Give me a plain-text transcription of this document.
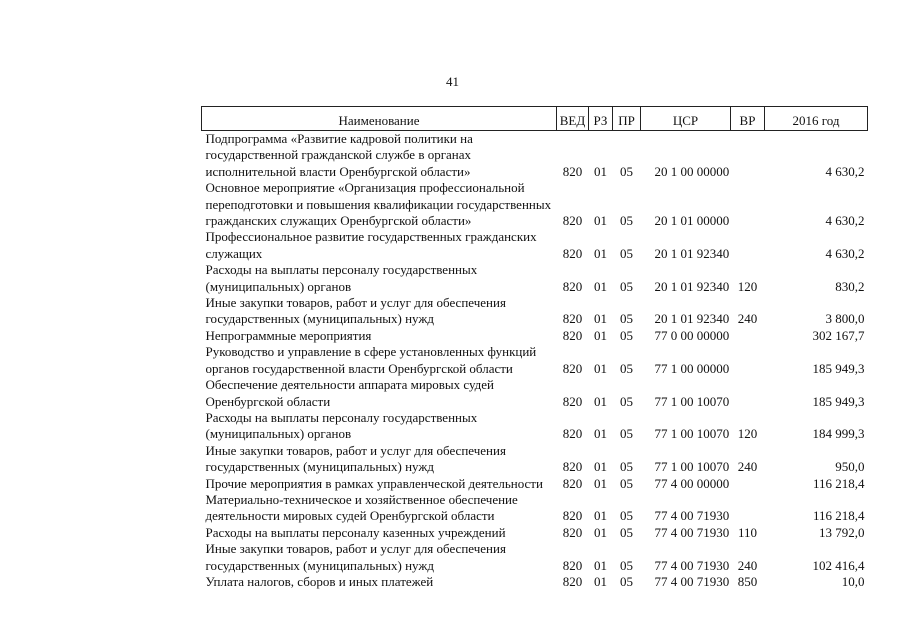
41
Наименование	ВЕД	РЗ	ПР	ЦСР	ВР	2016 год

Подпрограмма «Развитие кадровой политики на
государственной гражданской службе в органах
исполнительной власти Оренбургской области»	820	01	05	20 1 00 00000		4 630,2

Основное мероприятие «Организация профессиональной
переподготовки и повышения квалификации государственных
гражданских служащих Оренбургской области»	820	01	05	20 1 01 00000		4 630,2

Профессиональное развитие государственных гражданских
служащих	820	01	05	20 1 01 92340		4 630,2

Расходы на выплаты персоналу государственных
(муниципальных) органов	820	01	05	20 1 01 92340	120	830,2

Иные закупки товаров, работ и услуг для обеспечения
государственных (муниципальных) нужд	820	01	05	20 1 01 92340	240	3 800,0

Непрограммные мероприятия	820	01	05	77 0 00 00000		302 167,7

Руководство и управление в сфере установленных функций
органов государственной власти Оренбургской области	820	01	05	77 1 00 00000		185 949,3

Обеспечение деятельности аппарата мировых судей
Оренбургской области	820	01	05	77 1 00 10070		185 949,3

Расходы на выплаты персоналу государственных
(муниципальных) органов	820	01	05	77 1 00 10070	120	184 999,3

Иные закупки товаров, работ и услуг для обеспечения
государственных (муниципальных) нужд	820	01	05	77 1 00 10070	240	950,0

Прочие мероприятия в рамках управленческой деятельности	820	01	05	77 4 00 00000		116 218,4

Материально-техническое и хозяйственное обеспечение
деятельности мировых судей Оренбургской области	820	01	05	77 4 00 71930		116 218,4

Расходы на выплаты персоналу казенных учреждений	820	01	05	77 4 00 71930	110	13 792,0

Иные закупки товаров, работ и услуг для обеспечения
государственных (муниципальных) нужд	820	01	05	77 4 00 71930	240	102 416,4

Уплата налогов, сборов и иных платежей	820	01	05	77 4 00 71930	850	10,0
